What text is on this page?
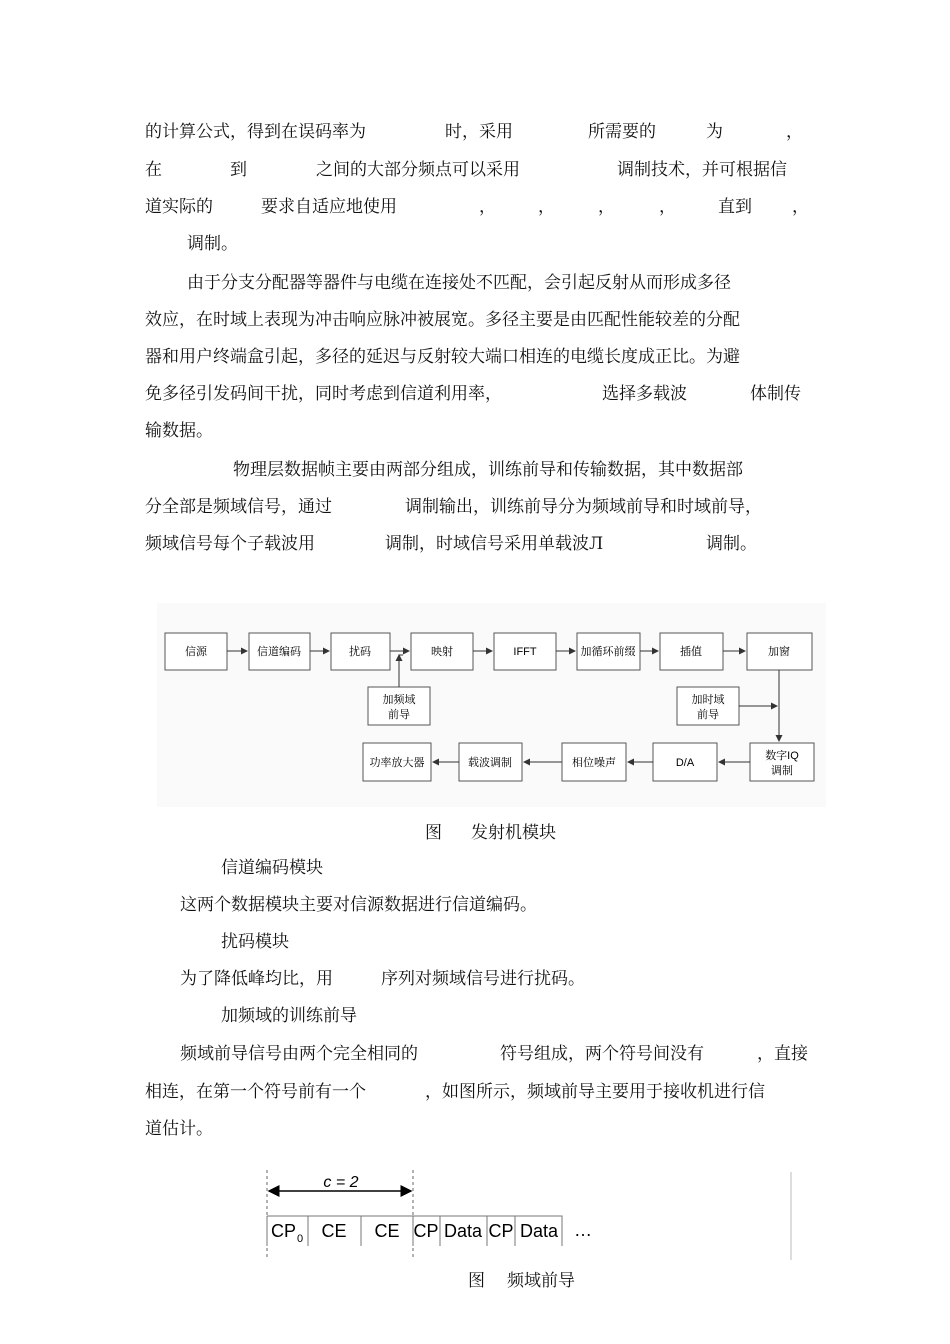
的计算公式，得到在误码率为	时，采用	所需要的	为	，
在	到	之间的大部分频点可以采用	调制技术，并可根据信
道实际的	要求自适应地使用	， ，	，	， 直到 ，
调制。
由于分支分配器等器件与电缆在连接处不匹配，会引起反射从而形成多径
效应，在时域上表现为冲击响应脉冲被展宽。多径主要是由匹配性能较差的分配
器和用户终端盒引起，多径的延迟与反射较大端口相连的电缆长度成正比。为避
免多径引发码间干扰，同时考虑到信道利用率，	选择多载波	体制传
输数据。
物理层数据帧主要由两部分组成，训练前导和传输数据，其中数据部
分全部是频域信号，通过	调制输出，训练前导分为频域前导和时域前导，
频域信号每个子载波用	调制，时域信号采用单载波Л	调制。
信源	信道编码	扰码	映射	IFFT	加循环前缀	插值	加窗
加频域
前导
加时域
前导
数字IQ
调制
D/A
相位噪声
载波调制
功率放大器
图 发射机模块
信道编码模块
这两个数据模块主要对信源数据进行信道编码。
扰码模块
为了降低峰均比，用	序列对频域信号进行扰码。
加频域的训练前导
频域前导信号由两个完全相同的	符号组成，两个符号间没有	，直接
相连，在第一个符号前有一个	，如图所示，频域前导主要用于接收机进行信
道估计。
c = 2
CP 0 CE CE CP Data CP Data …
图 频域前导
